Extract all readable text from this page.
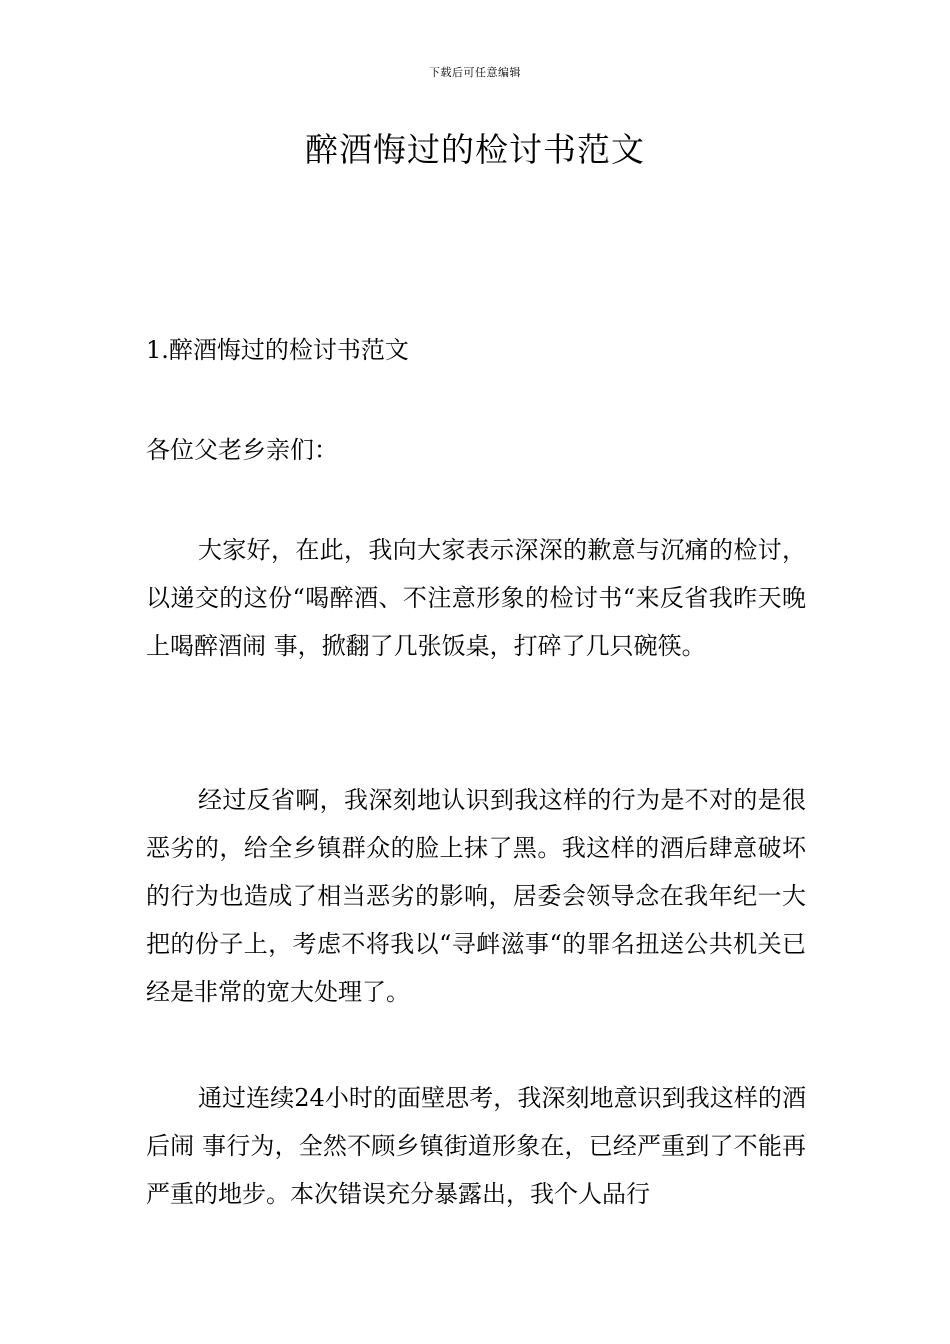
下载后可任意编辑
醉酒悔过的检讨书范文

1.醉酒悔过的检讨书范文

各位父老乡亲们：

大家好，在此，我向大家表示深深的歉意与沉痛的检讨，以递交的这份“喝醉酒、不注意形象的检讨书“来反省我昨天晚上喝醉酒闹 事，掀翻了几张饭桌，打碎了几只碗筷。

经过反省啊，我深刻地认识到我这样的行为是不对的是很恶劣的，给全乡镇群众的脸上抹了黑。我这样的酒后肆意破坏的行为也造成了相当恶劣的影响，居委会领导念在我年纪一大把的份子上，考虑不将我以“寻衅滋事“的罪名扭送公共机关已经是非常的宽大处理了。

通过连续24小时的面壁思考，我深刻地意识到我这样的酒后闹 事行为，全然不顾乡镇街道形象在，已经严重到了不能再严重的地步。本次错误充分暴露出，我个人品行
